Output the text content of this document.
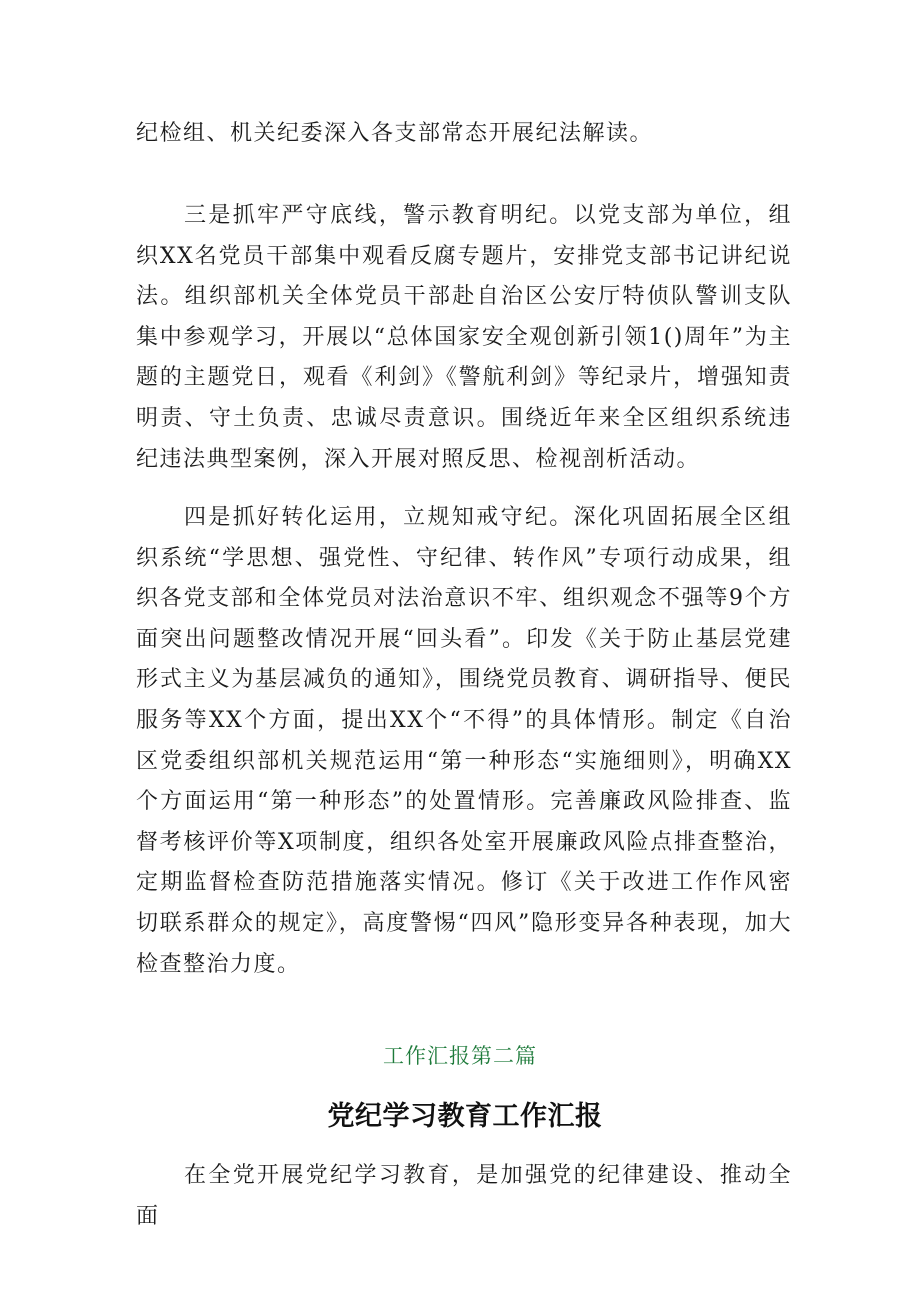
纪检组、机关纪委深入各支部常态开展纪法解读。

三是抓牢严守底线，警示教育明纪。以党支部为单位，组织XX名党员干部集中观看反腐专题片，安排党支部书记讲纪说法。组织部机关全体党员干部赴自治区公安厅特侦队警训支队集中参观学习，开展以“总体国家安全观创新引领1()周年”为主题的主题党日，观看《利剑》《警航利剑》等纪录片，增强知责明责、守土负责、忠诚尽责意识。围绕近年来全区组织系统违纪违法典型案例，深入开展对照反思、检视剖析活动。

四是抓好转化运用，立规知戒守纪。深化巩固拓展全区组织系统“学思想、强党性、守纪律、转作风”专项行动成果，组织各党支部和全体党员对法治意识不牢、组织观念不强等9个方面突出问题整改情况开展“回头看”。印发《关于防止基层党建形式主义为基层减负的通知》，围绕党员教育、调研指导、便民服务等XX个方面，提出XX个“不得”的具体情形。制定《自治区党委组织部机关规范运用“第一种形态“实施细则》，明确XX个方面运用“第一种形态”的处置情形。完善廉政风险排查、监督考核评价等X项制度，组织各处室开展廉政风险点排查整治，定期监督检查防范措施落实情况。修订《关于改进工作作风密切联系群众的规定》，高度警惕“四风”隐形变异各种表现，加大检查整治力度。

工作汇报第二篇

党纪学习教育工作汇报

在全党开展党纪学习教育，是加强党的纪律建设、推动全面
